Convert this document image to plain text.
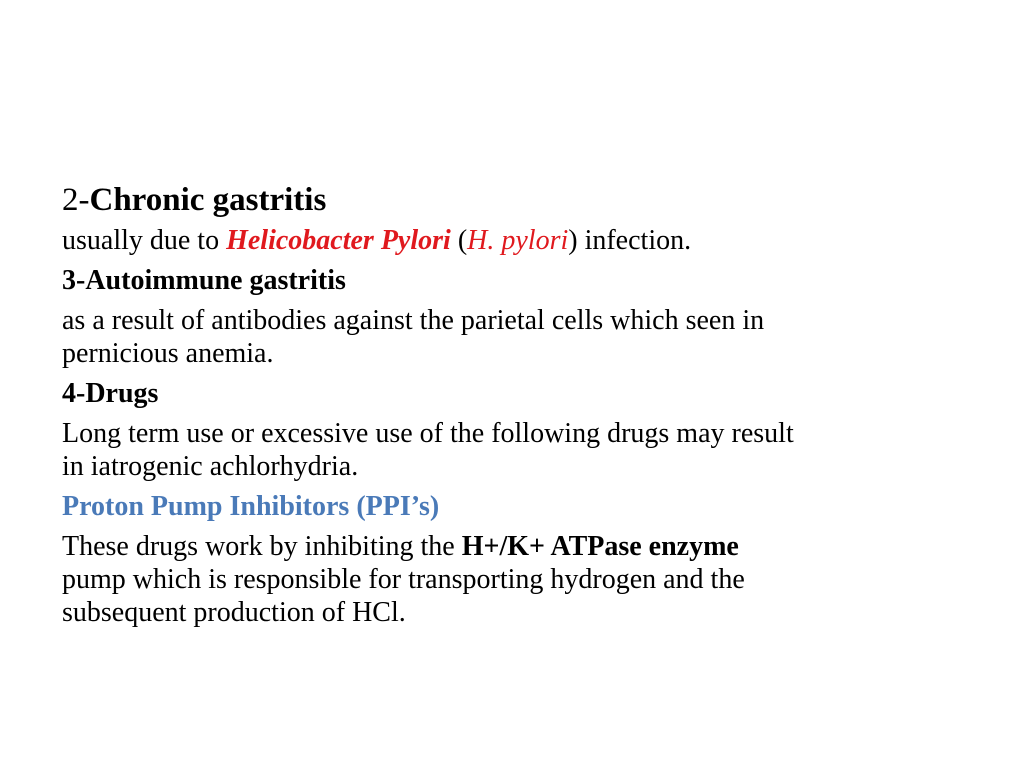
2-Chronic gastritis

usually due to Helicobacter Pylori (H. pylori) infection.

3-Autoimmune gastritis

as a result of antibodies against the parietal cells which seen in

pernicious anemia.

4-Drugs

Long term use or excessive use of the following drugs may result

in iatrogenic achlorhydria.

Proton Pump Inhibitors (PPI’s)

These drugs work by inhibiting the H+/K+ ATPase enzyme

pump which is responsible for transporting hydrogen and the

subsequent production of HCl.
